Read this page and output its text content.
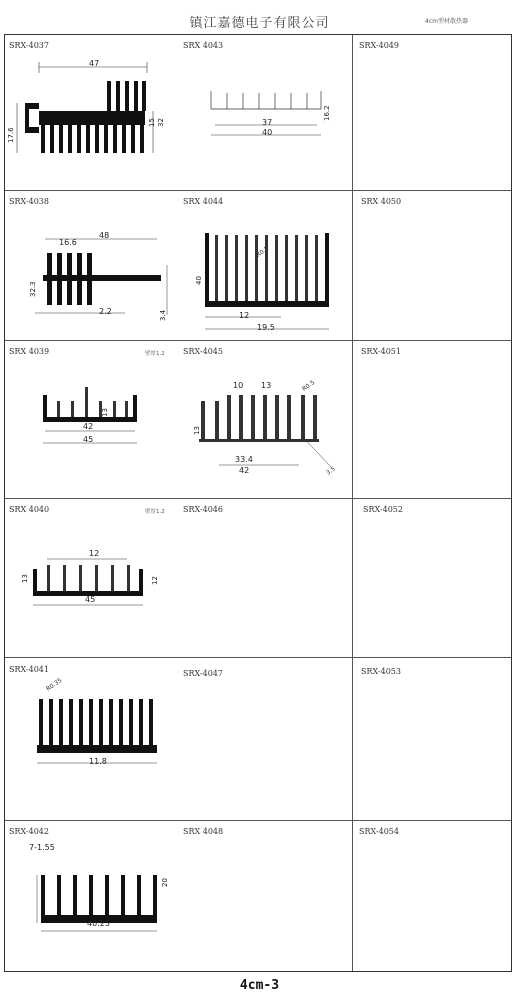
镇江嘉德电子有限公司	4cm型材散热器
SRX-4037	SRX 4043	SRX-4049
47
15 32
17.6
37
40
16.2
SRX-4038	SRX 4044	SRX 4050
16.6
48
32.3
2.2	3.4
40
R0.5
12
19.5
SRX 4039	壁厚1.2 SRX-4045	SRX-4051
13
42
45
10 13	R0.5
13
33.4
42	3.5
SRX 4040	壁厚1.2 SRX-4046	SRX-4052
12
13	12
45
SRX-4041	SRX-4047	SRX-4053
R0.35
11.8
SRX-4042	SRX 4048	SRX-4054
7-1.55
20
40.23
4cm-3
